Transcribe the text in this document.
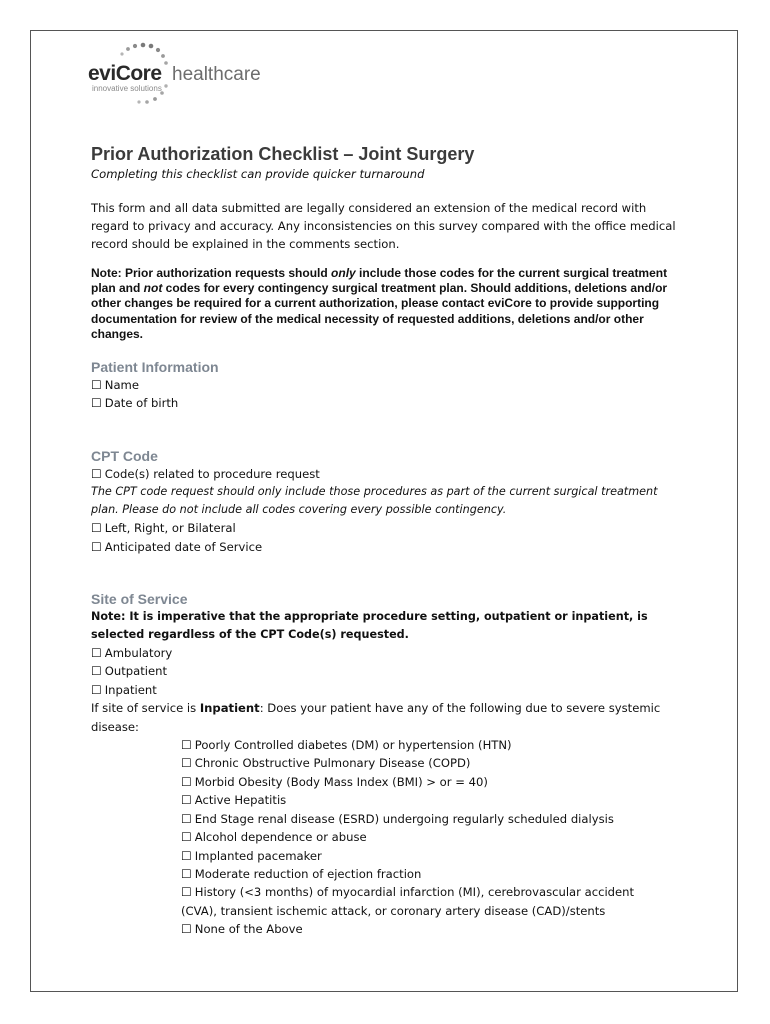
eviCore healthcare
innovative solutions
Prior Authorization Checklist – Joint Surgery

Completing this checklist can provide quicker turnaround

This form and all data submitted are legally considered an extension of the medical record with regard to privacy and accuracy. Any inconsistencies on this survey compared with the office medical record should be explained in the comments section.

Note: Prior authorization requests should only include those codes for the current surgical treatment plan and not codes for every contingency surgical treatment plan. Should additions, deletions and/or other changes be required for a current authorization, please contact eviCore to provide supporting documentation for review of the medical necessity of requested additions, deletions and/or other changes.

Patient Information

☐ Name

☐ Date of birth

CPT Code

☐ Code(s) related to procedure request

The CPT code request should only include those procedures as part of the current surgical treatment plan. Please do not include all codes covering every possible contingency.

☐ Left, Right, or Bilateral

☐ Anticipated date of Service

Site of Service

Note: It is imperative that the appropriate procedure setting, outpatient or inpatient, is selected regardless of the CPT Code(s) requested.

☐ Ambulatory

☐ Outpatient

☐ Inpatient

If site of service is Inpatient: Does your patient have any of the following due to severe systemic disease:

☐ Poorly Controlled diabetes (DM) or hypertension (HTN)

☐ Chronic Obstructive Pulmonary Disease (COPD)

☐ Morbid Obesity (Body Mass Index (BMI) > or = 40)

☐ Active Hepatitis

☐ End Stage renal disease (ESRD) undergoing regularly scheduled dialysis

☐ Alcohol dependence or abuse

☐ Implanted pacemaker

☐ Moderate reduction of ejection fraction

☐ History (<3 months) of myocardial infarction (MI), cerebrovascular accident (CVA), transient ischemic attack, or coronary artery disease (CAD)/stents

☐ None of the Above
